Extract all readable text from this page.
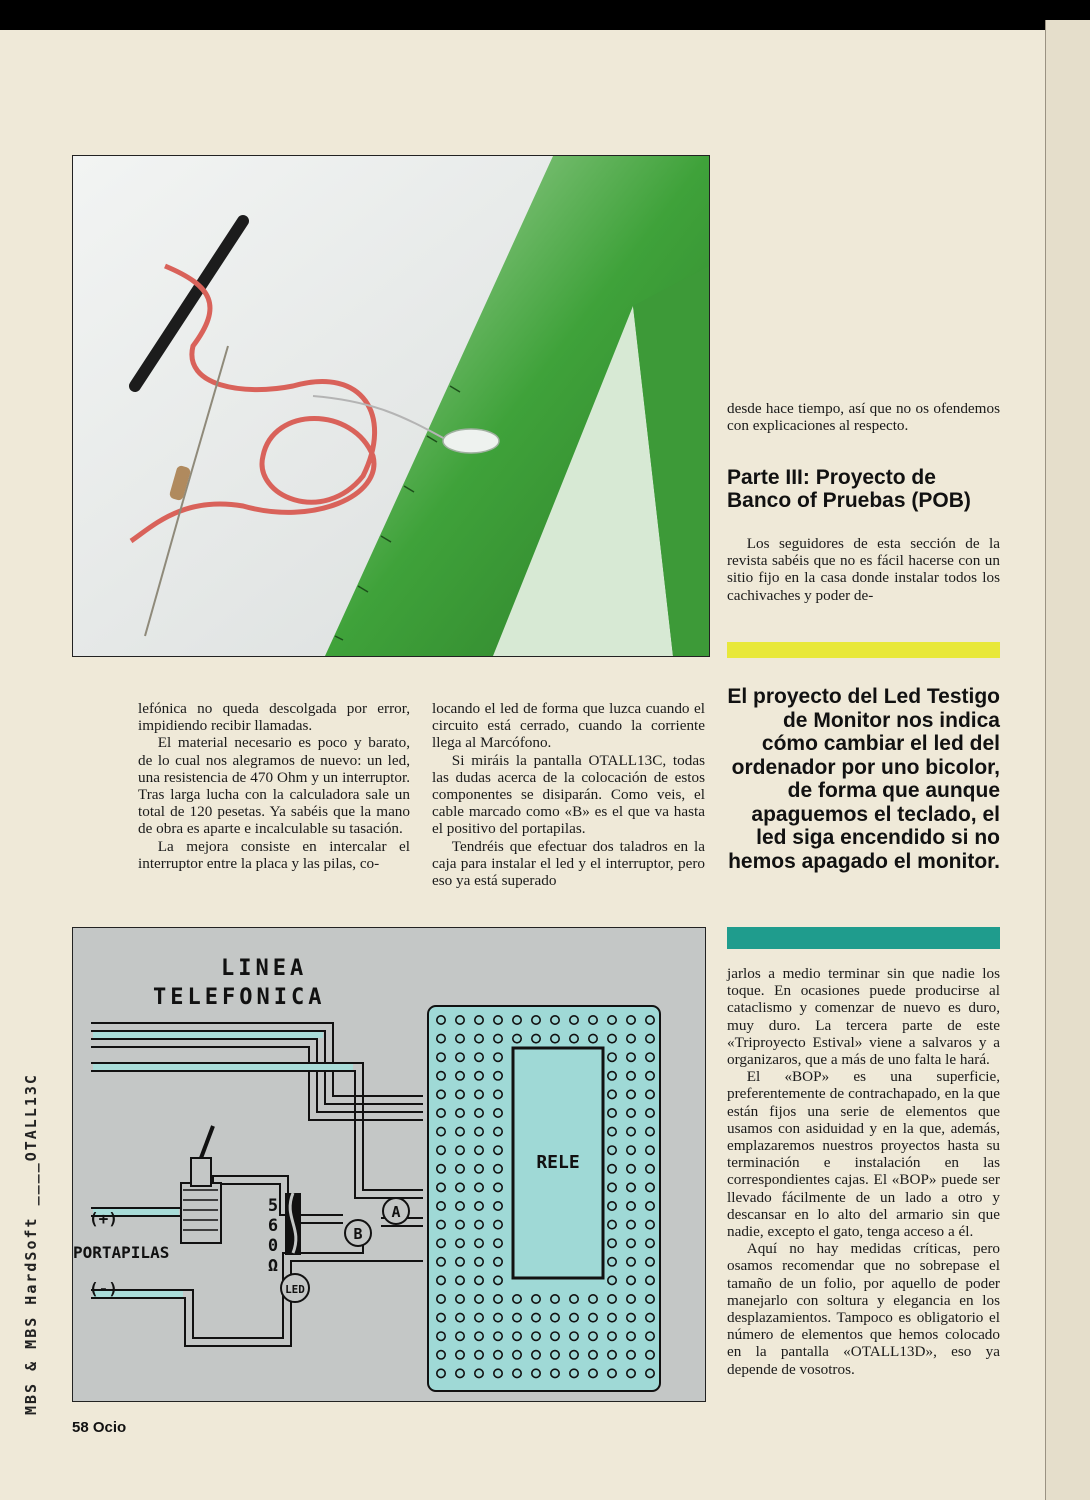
lefónica no queda descolgada por error, impidiendo recibir llamadas.

El material necesario es poco y barato, de lo cual nos alegramos de nuevo: un led, una resistencia de 470 Ohm y un interruptor. Tras larga lucha con la calculadora sale un total de 120 pesetas. Ya sabéis que la mano de obra es aparte e incalculable su tasación.

La mejora consiste en intercalar el interruptor entre la placa y las pilas, co-

locando el led de forma que luzca cuando el circuito está cerrado, cuando la corriente llega al Marcófono.

Si miráis la pantalla OTALL13C, todas las dudas acerca de la colocación de estos componentes se disiparán. Como veis, el cable marcado como «B» es el que va hasta el positivo del portapilas.

Tendréis que efectuar dos taladros en la caja para instalar el led y el interruptor, pero eso ya está superado

desde hace tiempo, así que no os ofendemos con explicaciones al respecto.

Parte III: Proyecto de Banco of Pruebas (POB)

Los seguidores de esta sección de la revista sabéis que no es fácil hacerse con un sitio fijo en la casa donde instalar todos los cachivaches y poder de-

El proyecto del Led Testigo de Monitor nos indica cómo cambiar el led del ordenador por uno bicolor, de forma que aunque apaguemos el teclado, el led siga encendido si no hemos apagado el monitor.

jarlos a medio terminar sin que nadie los toque. En ocasiones puede producirse al cataclismo y comenzar de nuevo es duro, muy duro. La tercera parte de este «Triproyecto Estival» viene a salvaros y a organizaros, que a más de uno falta le hará.

El «BOP» es una superficie, preferentemente de contrachapado, en la que están fijos una serie de elementos que usamos con asiduidad y en la que, además, emplazaremos nuestros proyectos hasta su terminación e instalación en las correspondientes cajas. El «BOP» puede ser llevado fácilmente de un lado a otro y descansar en lo alto del armario sin que nadie, excepto el gato, tenga acceso a él.

Aquí no hay medidas críticas, pero osamos recomendar que no sobrepase el tamaño de un folio, por aquello de poder manejarlo con soltura y elegancia en los desplazamientos. Tampoco es obligatorio el número de elementos que hemos colocado en la pantalla «OTALL13D», eso ya depende de vosotros.

RELE
LINEA
TELEFONICA
(+)
PORTAPILAS
(-)
5
6
0
Ω
LED
B
A
MBS & MBS HardSoft ____OTALL13C
58 Ocio
